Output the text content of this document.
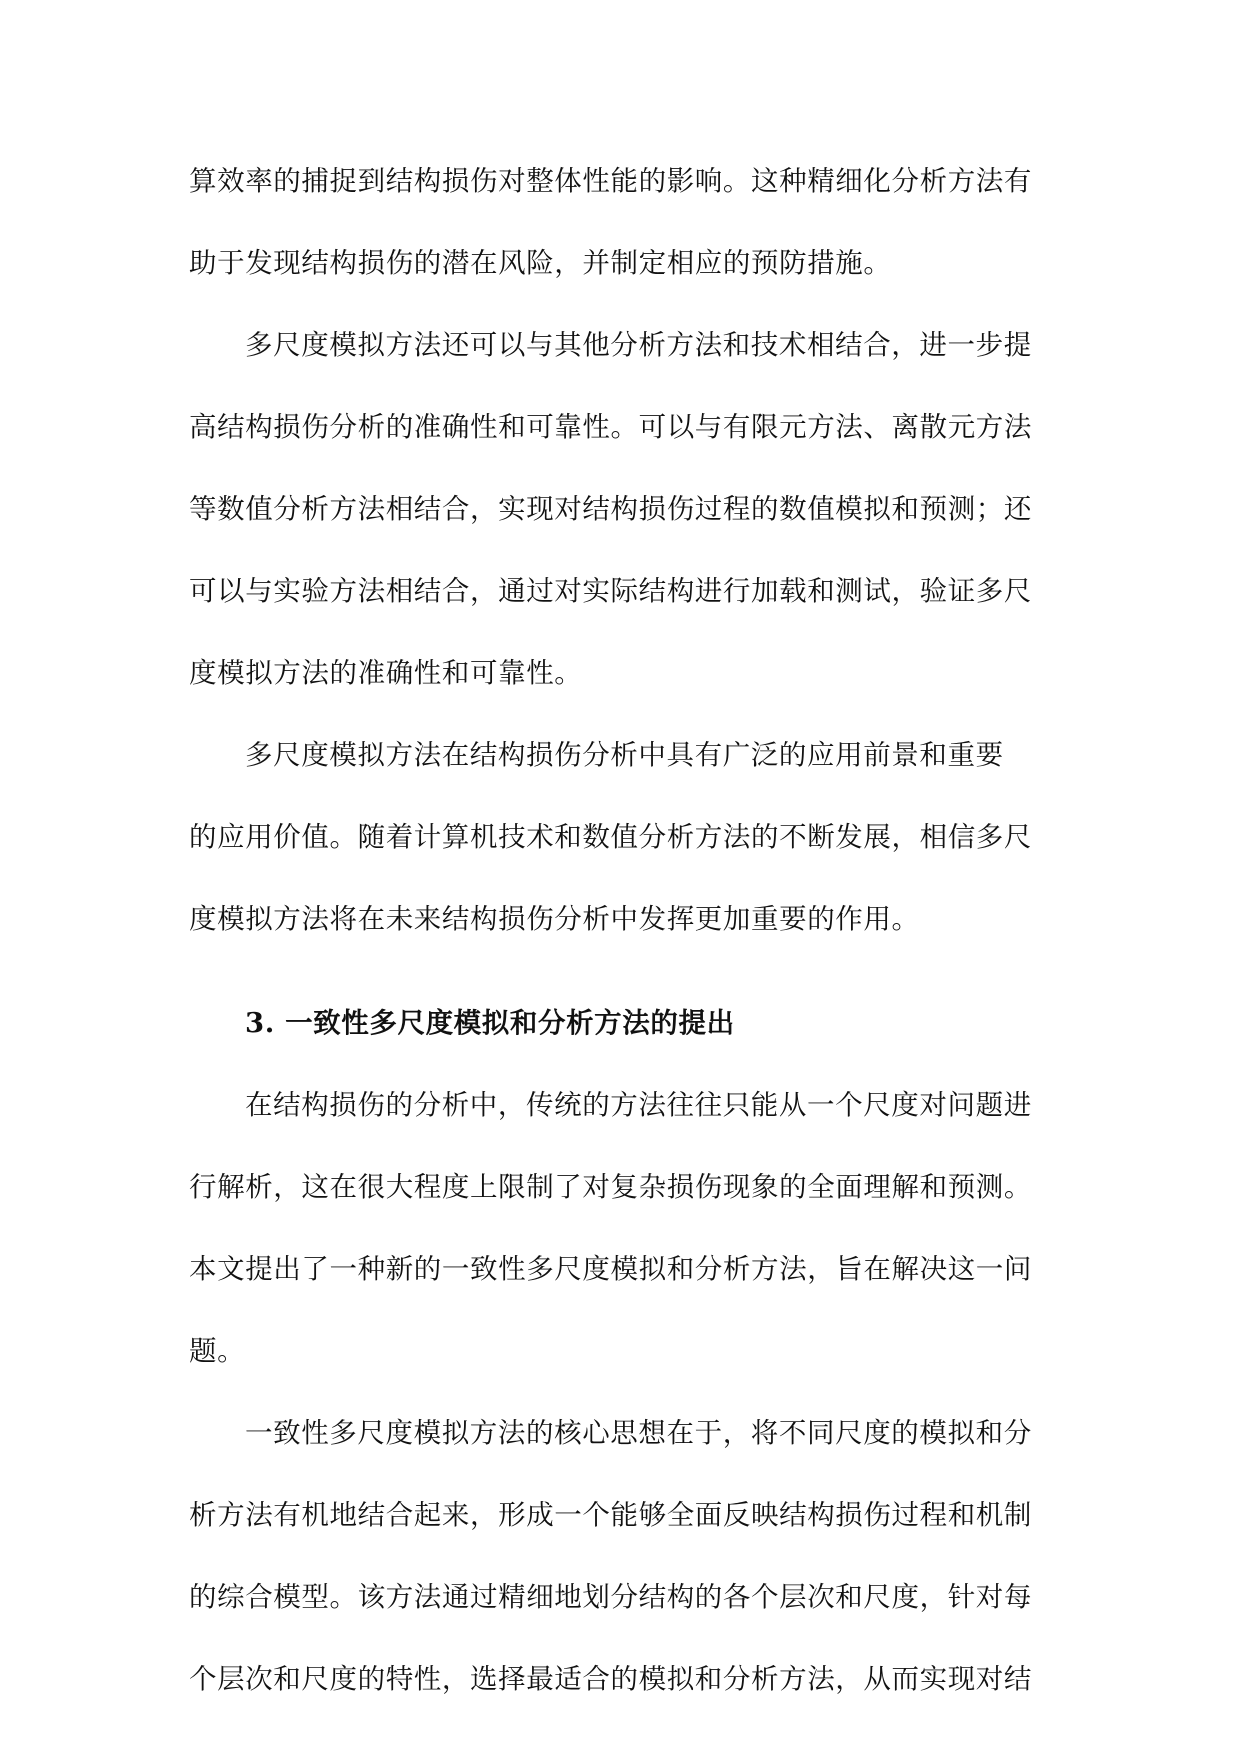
算效率的捕捉到结构损伤对整体性能的影响。这种精细化分析方法有
助于发现结构损伤的潜在风险，并制定相应的预防措施。
多尺度模拟方法还可以与其他分析方法和技术相结合，进一步提
高结构损伤分析的准确性和可靠性。可以与有限元方法、离散元方法
等数值分析方法相结合，实现对结构损伤过程的数值模拟和预测；还
可以与实验方法相结合，通过对实际结构进行加载和测试，验证多尺
度模拟方法的准确性和可靠性。
多尺度模拟方法在结构损伤分析中具有广泛的应用前景和重要
的应用价值。随着计算机技术和数值分析方法的不断发展，相信多尺
度模拟方法将在未来结构损伤分析中发挥更加重要的作用。
3. 一致性多尺度模拟和分析方法的提出
在结构损伤的分析中，传统的方法往往只能从一个尺度对问题进
行解析，这在很大程度上限制了对复杂损伤现象的全面理解和预测。
本文提出了一种新的一致性多尺度模拟和分析方法，旨在解决这一问
题。
一致性多尺度模拟方法的核心思想在于，将不同尺度的模拟和分
析方法有机地结合起来，形成一个能够全面反映结构损伤过程和机制
的综合模型。该方法通过精细地划分结构的各个层次和尺度，针对每
个层次和尺度的特性，选择最适合的模拟和分析方法，从而实现对结
